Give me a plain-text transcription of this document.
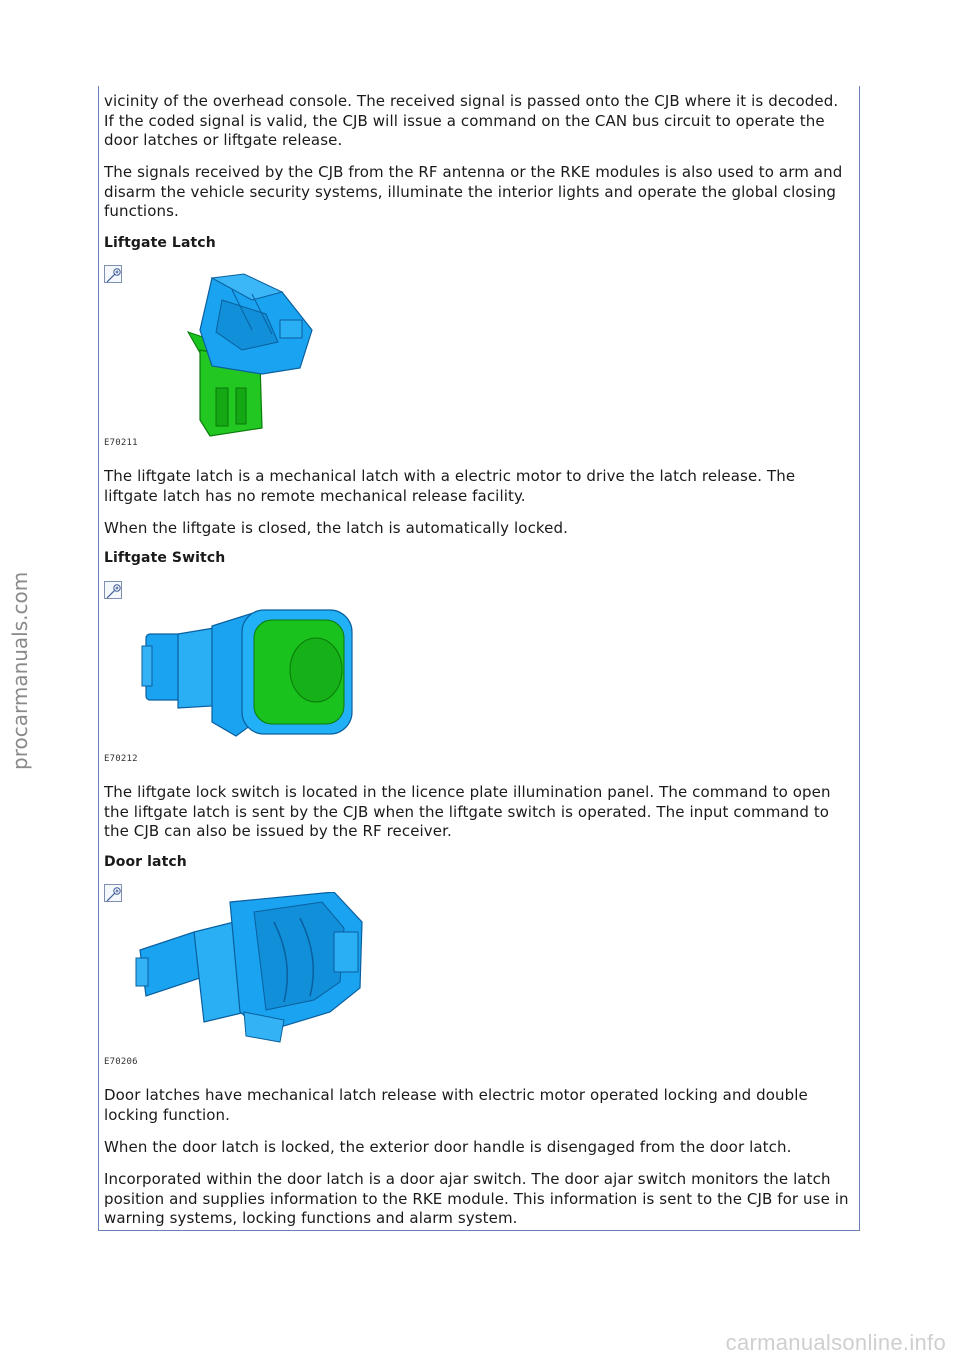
procarmanuals.com

vicinity of the overhead console. The received signal is passed onto the CJB where it is decoded. If the coded signal is valid, the CJB will issue a command on the CAN bus circuit to operate the door latches or liftgate release.

The signals received by the CJB from the RF antenna or the RKE modules is also used to arm and disarm the vehicle security systems, illuminate the interior lights and operate the global closing functions.

Liftgate Latch
E70211

The liftgate latch is a mechanical latch with a electric motor to drive the latch release. The liftgate latch has no remote mechanical release facility.

When the liftgate is closed, the latch is automatically locked.

Liftgate Switch
E70212

The liftgate lock switch is located in the licence plate illumination panel. The command to open the liftgate latch is sent by the CJB when the liftgate switch is operated. The input command to the CJB can also be issued by the RF receiver.

Door latch
E70206

Door latches have mechanical latch release with electric motor operated locking and double locking function.

When the door latch is locked, the exterior door handle is disengaged from the door latch.

Incorporated within the door latch is a door ajar switch. The door ajar switch monitors the latch position and supplies information to the RKE module. This information is sent to the CJB for use in warning systems, locking functions and alarm system.

carmanualsonline.info
